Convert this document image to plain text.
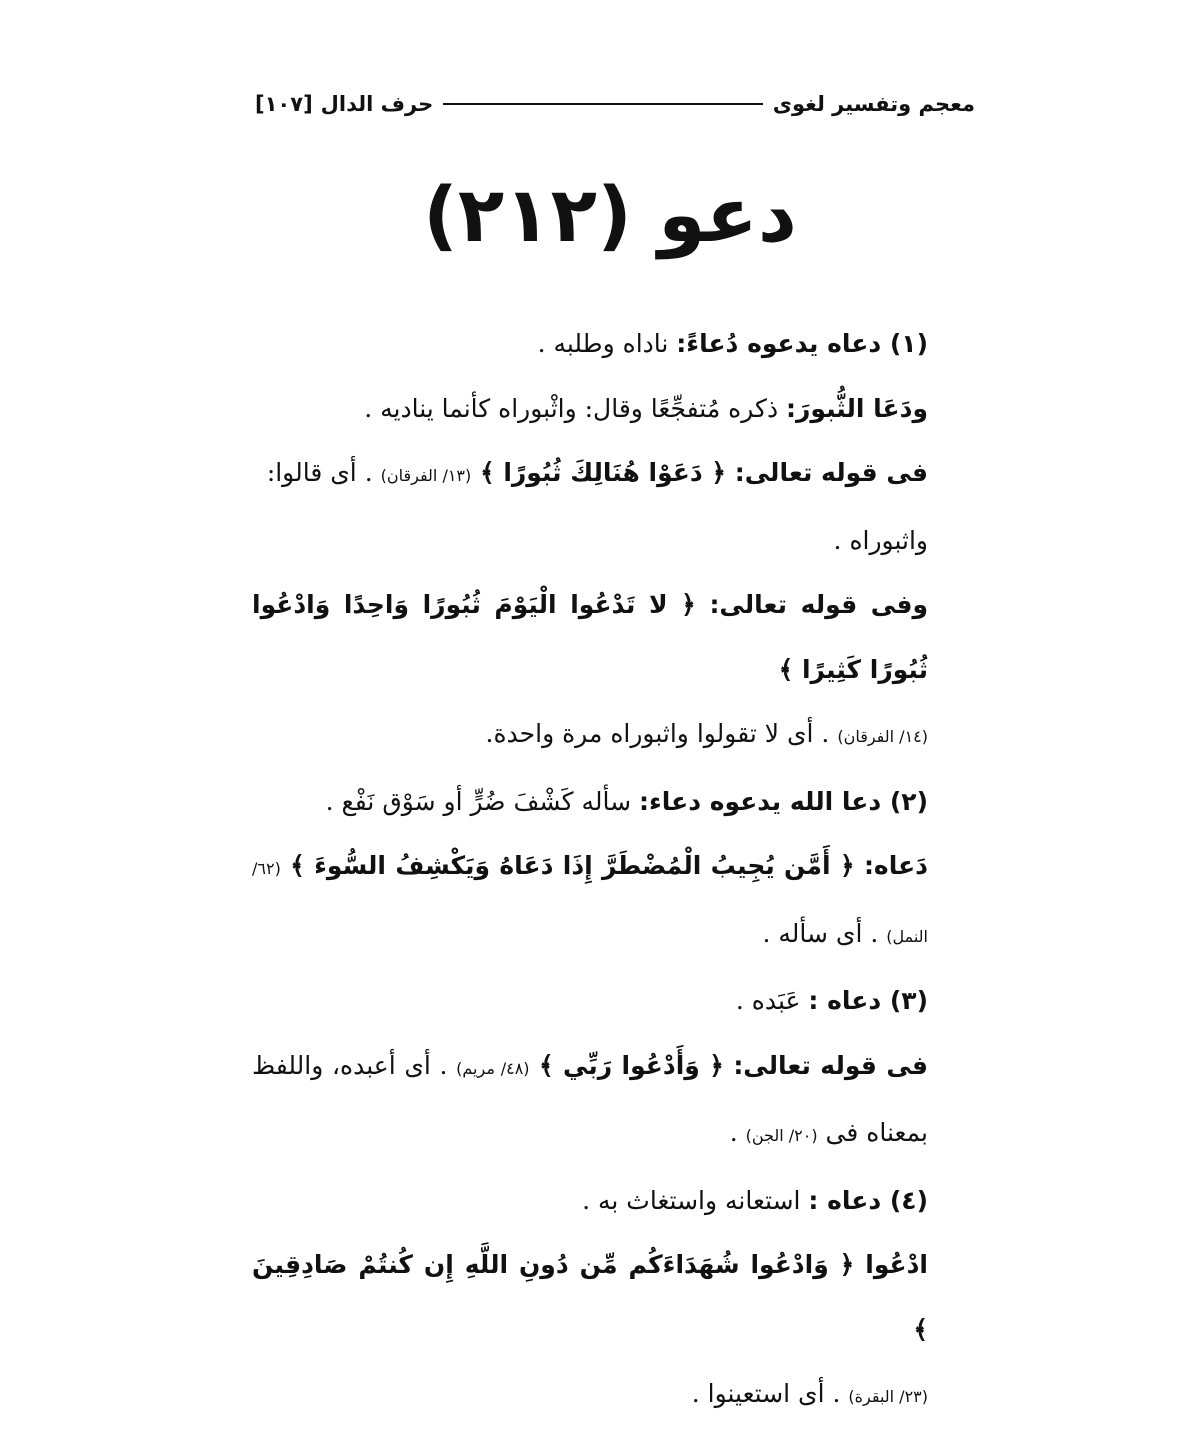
معجم وتفسير لغوى
حرف الدال
[١٠٧]
دعو (٢١٢)

(١) دعاه يدعوه دُعاءً: ناداه وطلبه .

ودَعَا الثُّبورَ: ذكره مُتفجِّعًا وقال: واثْبوراه كأنما يناديه .

فى قوله تعالى: ﴿ دَعَوْا هُنَالِكَ ثُبُورًا ﴾ (١٣/ الفرقان) . أى قالوا: واثبوراه .

وفى قوله تعالى: ﴿ لا تَدْعُوا الْيَوْمَ ثُبُورًا وَاحِدًا وَادْعُوا ثُبُورًا كَثِيرًا ﴾
(١٤/ الفرقان) . أى لا تقولوا واثبوراه مرة واحدة.

(٢) دعا الله يدعوه دعاء: سأله كَشْفَ ضُرٍّ أو سَوْق نَفْع .

دَعاه: ﴿ أَمَّن يُجِيبُ الْمُضْطَرَّ إِذَا دَعَاهُ وَيَكْشِفُ السُّوءَ ﴾ (٦٢/ النمل) . أى سأله .

(٣) دعاه : عَبَده .

فى قوله تعالى: ﴿ وَأَدْعُوا رَبِّي ﴾ (٤٨/ مريم) . أى أعبده، واللفظ بمعناه فى (٢٠/ الجن) .

(٤) دعاه : استعانه واستغاث به .

ادْعُوا ﴿ وَادْعُوا شُهَدَاءَكُم مِّن دُونِ اللَّهِ إِن كُنتُمْ صَادِقِينَ ﴾
(٢٣/ البقرة) . أى استعينوا .
